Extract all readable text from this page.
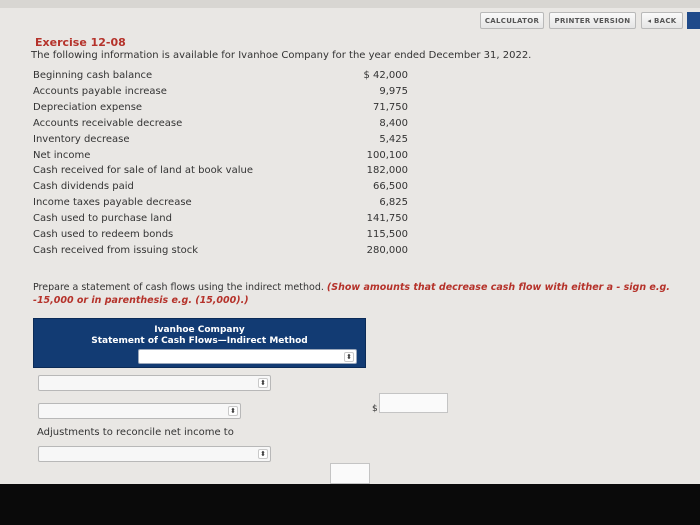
CALCULATOR	PRINTER VERSION	◂ BACK
Exercise 12-08
The following information is available for Ivanhoe Company for the year ended December 31, 2022.
Beginning cash balance	$ 42,000
Accounts payable increase	9,975
Depreciation expense	71,750
Accounts receivable decrease	8,400
Inventory decrease	5,425
Net income	100,100
Cash received for sale of land at book value	182,000
Cash dividends paid	66,500
Income taxes payable decrease	6,825
Cash used to purchase land	141,750
Cash used to redeem bonds	115,500
Cash received from issuing stock	280,000
Prepare a statement of cash flows using the indirect method. (Show amounts that decrease cash flow with either a - sign e.g. -15,000 or in parenthesis e.g. (15,000).)
Ivanhoe Company
Statement of Cash Flows—Indirect Method
⬍
⬍
⬍	$
Adjustments to reconcile net income to
⬍
